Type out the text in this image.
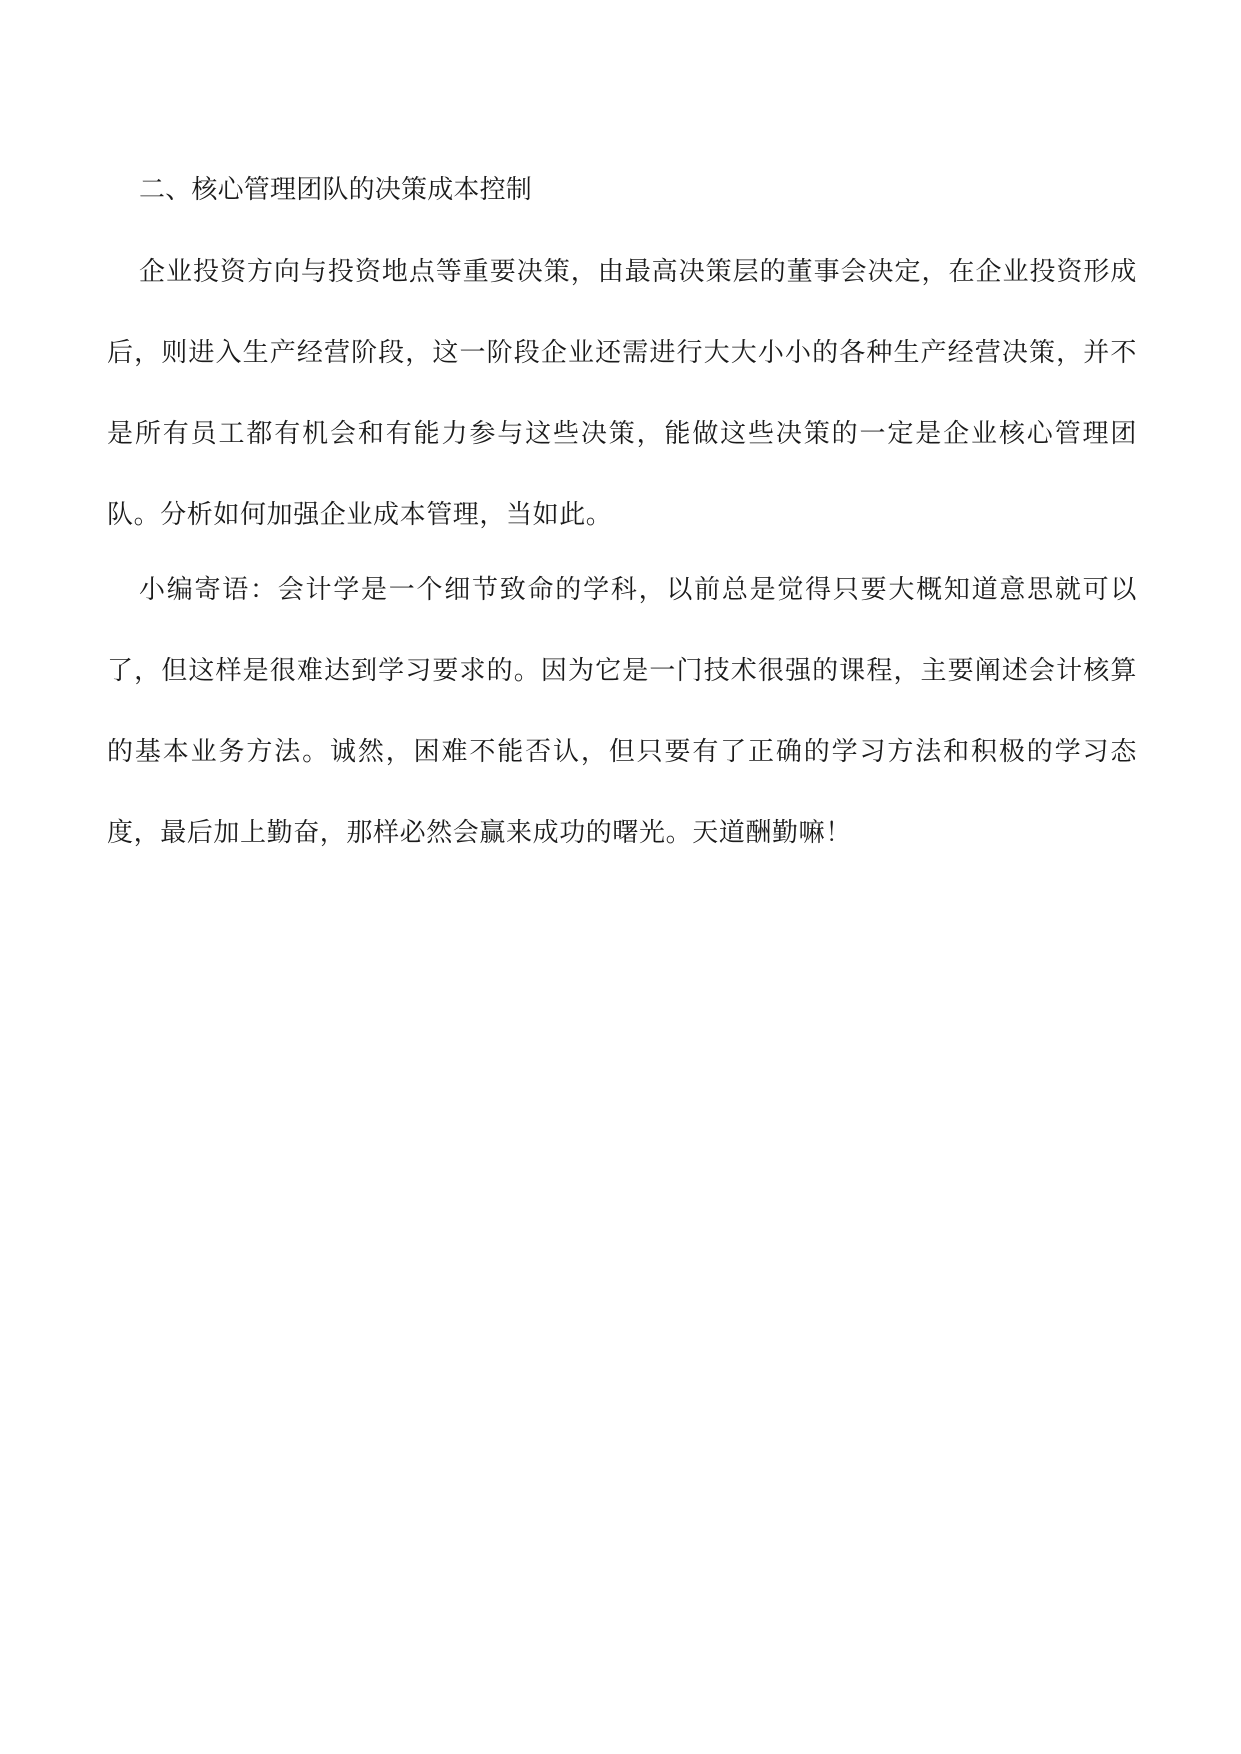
二、核心管理团队的决策成本控制

企业投资方向与投资地点等重要决策，由最高决策层的董事会决定，在企业投资形成后，则进入生产经营阶段，这一阶段企业还需进行大大小小的各种生产经营决策，并不是所有员工都有机会和有能力参与这些决策，能做这些决策的一定是企业核心管理团队。分析如何加强企业成本管理，当如此。

小编寄语：会计学是一个细节致命的学科，以前总是觉得只要大概知道意思就可以了，但这样是很难达到学习要求的。因为它是一门技术很强的课程，主要阐述会计核算的基本业务方法。诚然，困难不能否认，但只要有了正确的学习方法和积极的学习态度，最后加上勤奋，那样必然会赢来成功的曙光。天道酬勤嘛！
